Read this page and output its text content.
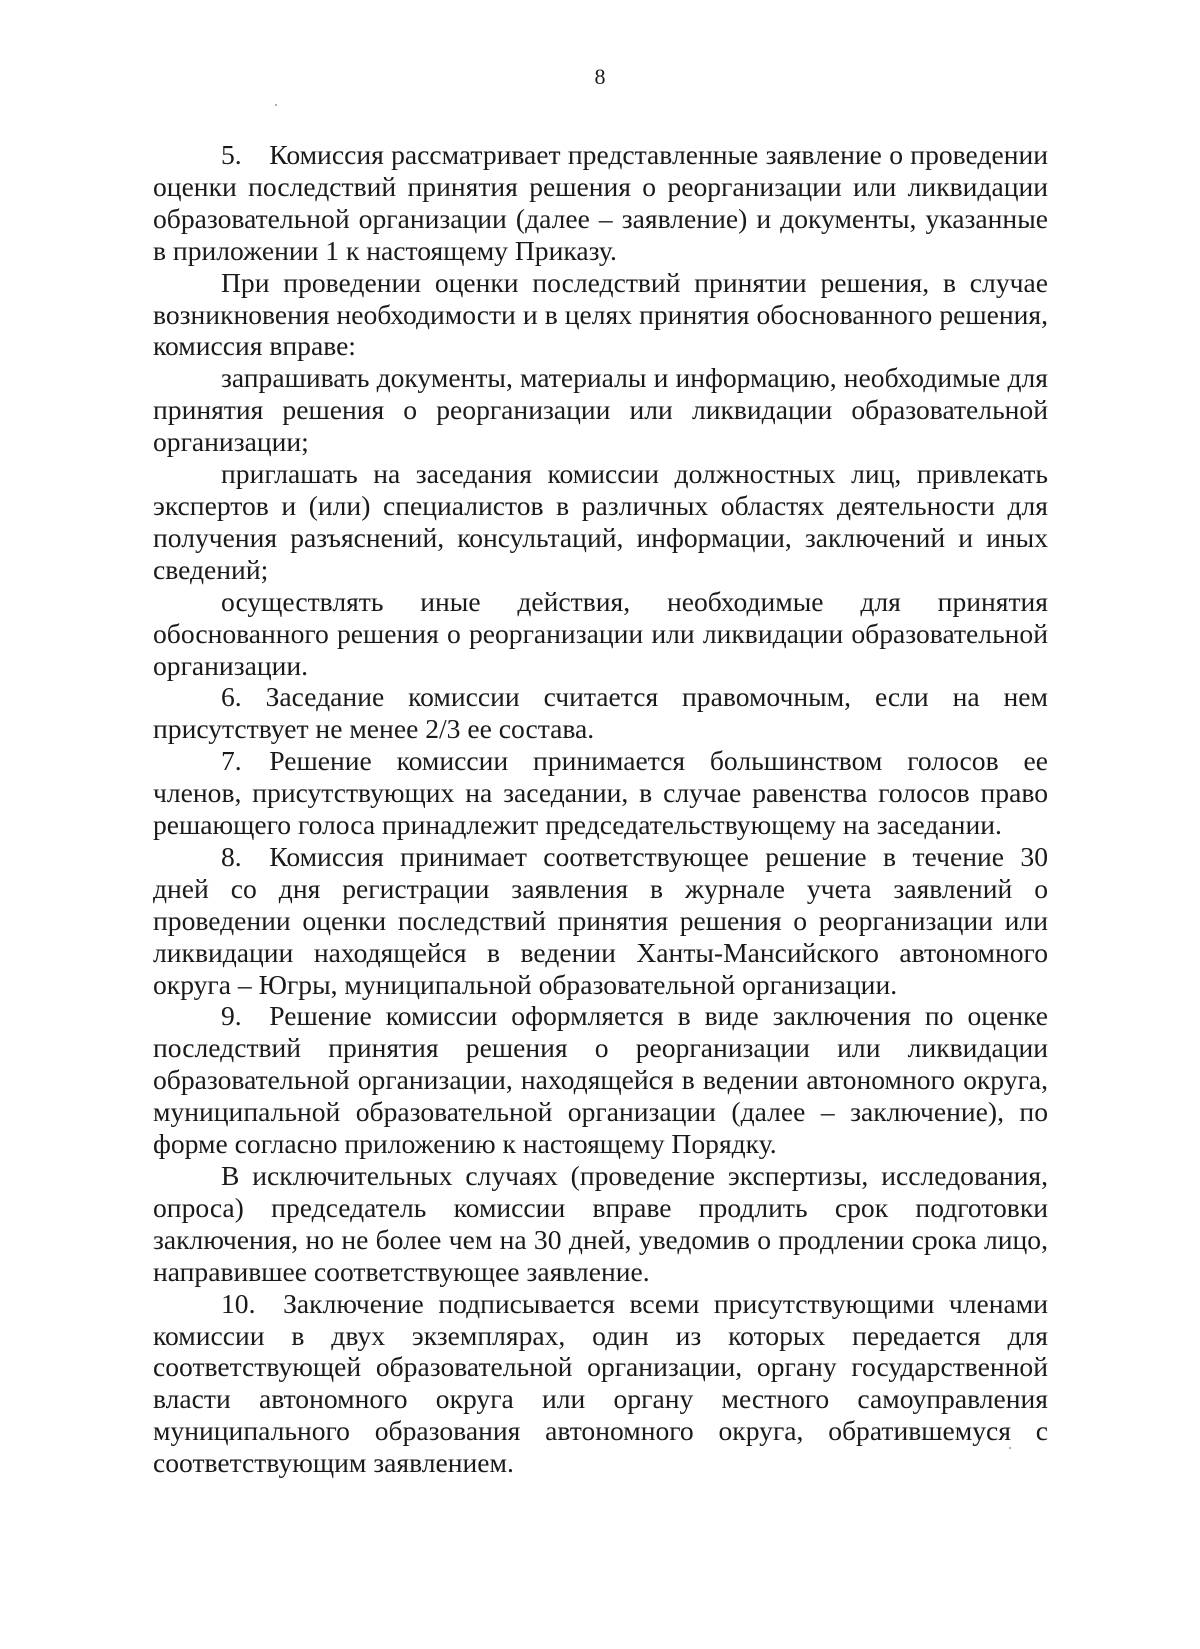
8

5. Комиссия рассматривает представленные заявление о проведении оценки последствий принятия решения о реорганизации или ликвидации образовательной организации (далее – заявление) и документы, указанные в приложении 1 к настоящему Приказу.

При проведении оценки последствий принятии решения, в случае возникновения необходимости и в целях принятия обоснованного решения, комиссия вправе:

запрашивать документы, материалы и информацию, необходимые для принятия решения о реорганизации или ликвидации образовательной организации;

приглашать на заседания комиссии должностных лиц, привлекать экспертов и (или) специалистов в различных областях деятельности для получения разъяснений, консультаций, информации, заключений и иных сведений;

осуществлять иные действия, необходимые для принятия обоснованного решения о реорганизации или ликвидации образовательной организации.

6. Заседание комиссии считается правомочным, если на нем присутствует не менее 2/3 ее состава.

7. Решение комиссии принимается большинством голосов ее членов, присутствующих на заседании, в случае равенства голосов право решающего голоса принадлежит председательствующему на заседании.

8. Комиссия принимает соответствующее решение в течение 30 дней со дня регистрации заявления в журнале учета заявлений о проведении оценки последствий принятия решения о реорганизации или ликвидации находящейся в ведении Ханты-Мансийского автономного округа – Югры, муниципальной образовательной организации.

9. Решение комиссии оформляется в виде заключения по оценке последствий принятия решения о реорганизации или ликвидации образовательной организации, находящейся в ведении автономного округа, муниципальной образовательной организации (далее – заключение), по форме согласно приложению к настоящему Порядку.

В исключительных случаях (проведение экспертизы, исследования, опроса) председатель комиссии вправе продлить срок подготовки заключения, но не более чем на 30 дней, уведомив о продлении срока лицо, направившее соответствующее заявление.

10. Заключение подписывается всеми присутствующими членами комиссии в двух экземплярах, один из которых передается для соответствующей образовательной организации, органу государственной власти автономного округа или органу местного самоуправления муниципального образования автономного округа, обратившемуся с соответствующим заявлением.
